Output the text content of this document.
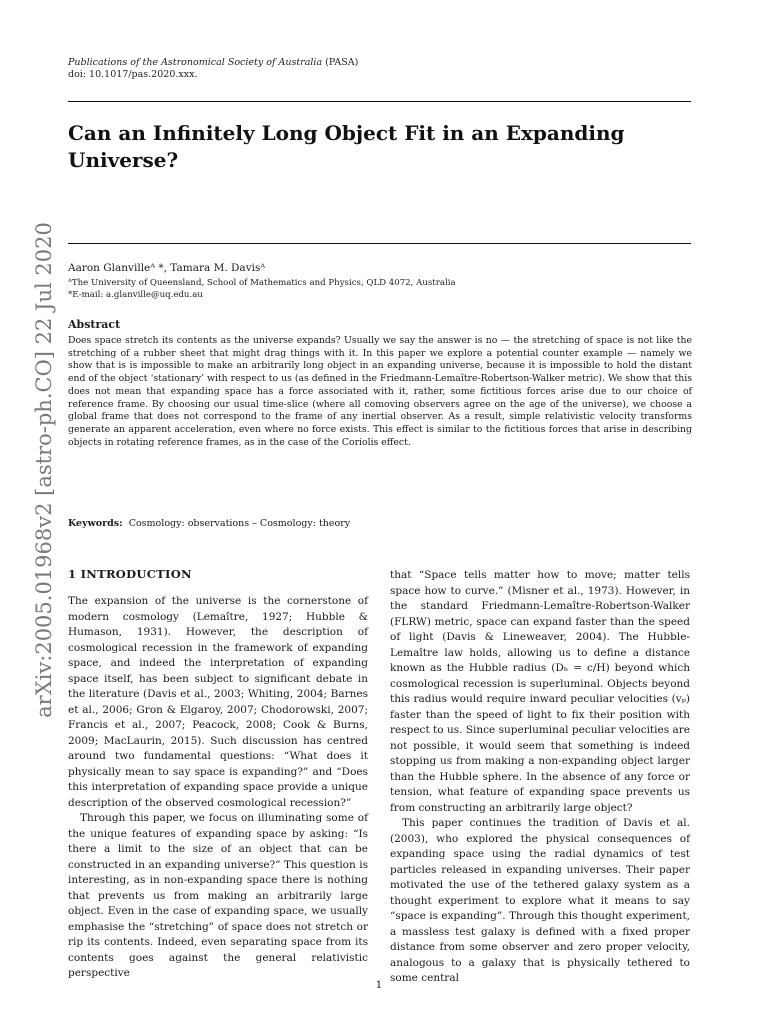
Publications of the Astronomical Society of Australia (PASA)
doi: 10.1017/pas.2020.xxx.
Can an Infinitely Long Object Fit in an Expanding Universe?
Aaron Glanvilleᴬ *, Tamara M. Davisᴬ
ᴬThe University of Queensland, School of Mathematics and Physics, QLD 4072, Australia
*E-mail: a.glanville@uq.edu.au
Abstract
Does space stretch its contents as the universe expands? Usually we say the answer is no — the stretching of space is not like the stretching of a rubber sheet that might drag things with it. In this paper we explore a potential counter example — namely we show that is is impossible to make an arbitrarily long object in an expanding universe, because it is impossible to hold the distant end of the object ‘stationary’ with respect to us (as defined in the Friedmann-Lemaître-Robertson-Walker metric). We show that this does not mean that expanding space has a force associated with it, rather, some fictitious forces arise due to our choice of reference frame. By choosing our usual time-slice (where all comoving observers agree on the age of the universe), we choose a global frame that does not correspond to the frame of any inertial observer. As a result, simple relativistic velocity transforms generate an apparent acceleration, even where no force exists. This effect is similar to the fictitious forces that arise in describing objects in rotating reference frames, as in the case of the Coriolis effect.
Keywords: Cosmology: observations – Cosmology: theory
1 INTRODUCTION

The expansion of the universe is the cornerstone of modern cosmology (Lemaître, 1927; Hubble & Humason, 1931). However, the description of cosmological recession in the framework of expanding space, and indeed the interpretation of expanding space itself, has been subject to significant debate in the literature (Davis et al., 2003; Whiting, 2004; Barnes et al., 2006; Gron & Elgaroy, 2007; Chodorowski, 2007; Francis et al., 2007; Peacock, 2008; Cook & Burns, 2009; MacLaurin, 2015). Such discussion has centred around two fundamental questions: “What does it physically mean to say space is expanding?” and “Does this interpretation of expanding space provide a unique description of the observed cosmological recession?”

Through this paper, we focus on illuminating some of the unique features of expanding space by asking: “Is there a limit to the size of an object that can be constructed in an expanding universe?” This question is interesting, as in non-expanding space there is nothing that prevents us from making an arbitrarily large object. Even in the case of expanding space, we usually emphasise the “stretching” of space does not stretch or rip its contents. Indeed, even separating space from its contents goes against the general relativistic perspective

that “Space tells matter how to move; matter tells space how to curve.” (Misner et al., 1973). However, in the standard Friedmann-Lemaître-Robertson-Walker (FLRW) metric, space can expand faster than the speed of light (Davis & Lineweaver, 2004). The Hubble-Lemaître law holds, allowing us to define a distance known as the Hubble radius (Dₕ = c/H) beyond which cosmological recession is superluminal. Objects beyond this radius would require inward peculiar velocities (vₚ) faster than the speed of light to fix their position with respect to us. Since superluminal peculiar velocities are not possible, it would seem that something is indeed stopping us from making a non-expanding object larger than the Hubble sphere. In the absence of any force or tension, what feature of expanding space prevents us from constructing an arbitrarily large object?

This paper continues the tradition of Davis et al. (2003), who explored the physical consequences of expanding space using the radial dynamics of test particles released in expanding universes. Their paper motivated the use of the tethered galaxy system as a thought experiment to explore what it means to say “space is expanding”. Through this thought experiment, a massless test galaxy is defined with a fixed proper distance from some observer and zero proper velocity, analogous to a galaxy that is physically tethered to some central

arXiv:2005.01968v2 [astro-ph.CO] 22 Jul 2020
1
